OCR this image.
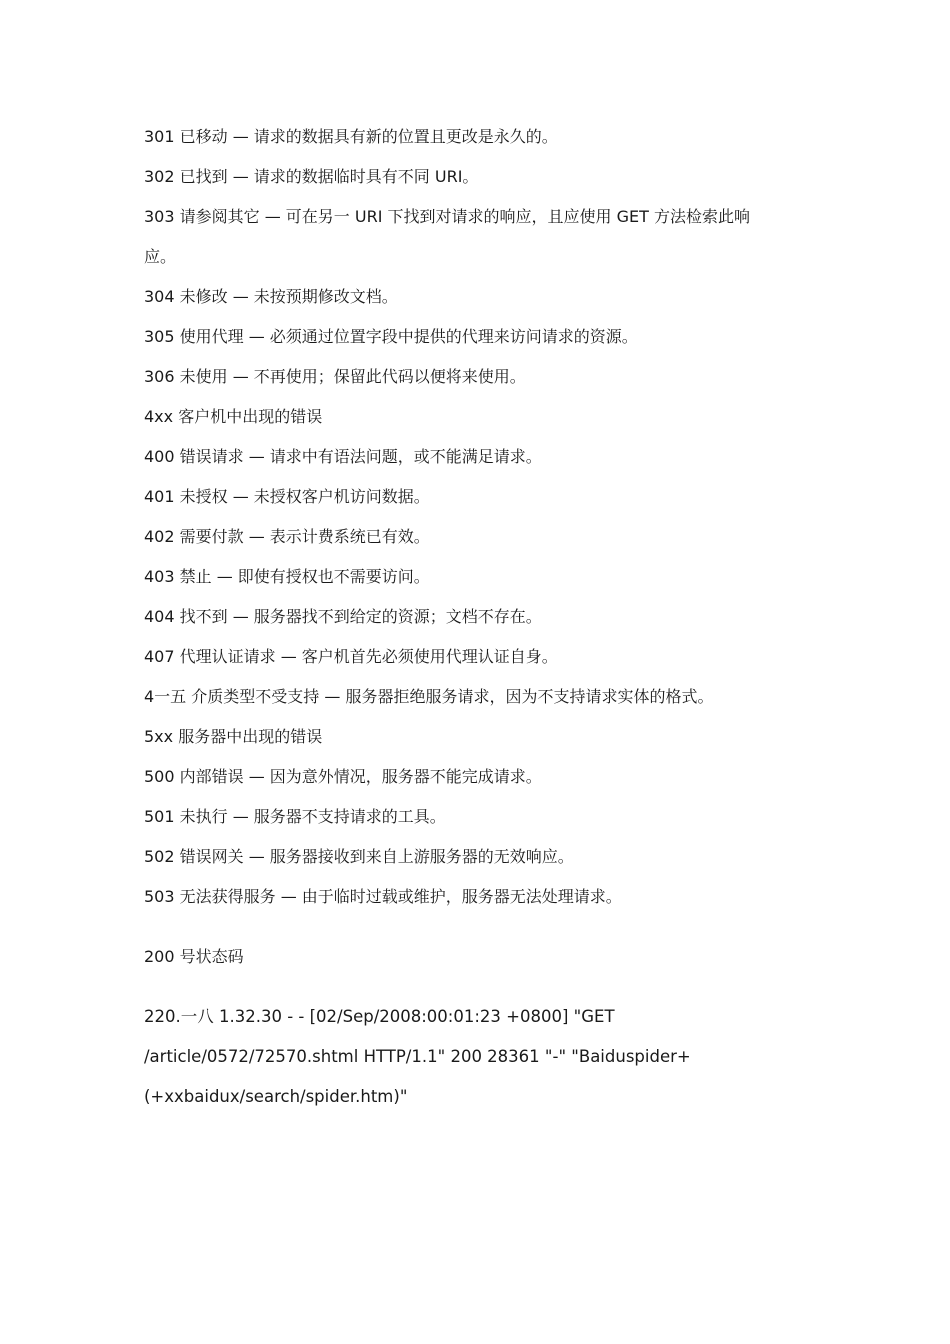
301 已移动 — 请求的数据具有新的位置且更改是永久的。
302 已找到 — 请求的数据临时具有不同 URI。
303 请参阅其它 — 可在另一 URI 下找到对请求的响应，且应使用 GET 方法检索此响
应。
304 未修改 — 未按预期修改文档。
305 使用代理 — 必须通过位置字段中提供的代理来访问请求的资源。
306 未使用 — 不再使用；保留此代码以便将来使用。
4xx 客户机中出现的错误
400 错误请求 — 请求中有语法问题，或不能满足请求。
401 未授权 — 未授权客户机访问数据。
402 需要付款 — 表示计费系统已有效。
403 禁止 — 即使有授权也不需要访问。
404 找不到 — 服务器找不到给定的资源；文档不存在。
407 代理认证请求 — 客户机首先必须使用代理认证自身。
4一五 介质类型不受支持 — 服务器拒绝服务请求，因为不支持请求实体的格式。
5xx 服务器中出现的错误
500 内部错误 — 因为意外情况，服务器不能完成请求。
501 未执行 — 服务器不支持请求的工具。
502 错误网关 — 服务器接收到来自上游服务器的无效响应。
503 无法获得服务 — 由于临时过载或维护，服务器无法处理请求。
200 号状态码
220.一八 1.32.30 - - [02/Sep/2008:00:01:23 +0800] "GET
/article/0572/72570.shtml HTTP/1.1" 200 28361 "-" "Baiduspider+
(+xxbaidux/search/spider.htm)"
